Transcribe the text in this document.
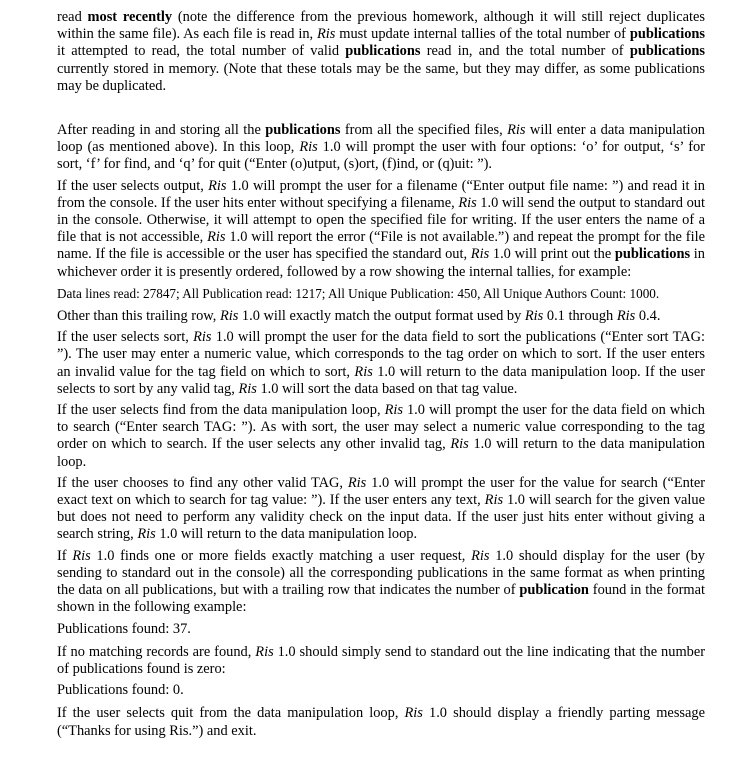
read most recently (note the difference from the previous homework, although it will still reject duplicates within the same file). As each file is read in, Ris must update internal tallies of the total number of publications it attempted to read, the total number of valid publications read in, and the total number of publications currently stored in memory. (Note that these totals may be the same, but they may differ, as some publications may be duplicated.

After reading in and storing all the publications from all the specified files, Ris will enter a data manipulation loop (as mentioned above). In this loop, Ris 1.0 will prompt the user with four options: ‘o’ for output, ‘s’ for sort, ‘f’ for find, and ‘q’ for quit (“Enter (o)utput, (s)ort, (f)ind, or (q)uit: ”).

If the user selects output, Ris 1.0 will prompt the user for a filename (“Enter output file name: ”) and read it in from the console. If the user hits enter without specifying a filename, Ris 1.0 will send the output to standard out in the console. Otherwise, it will attempt to open the specified file for writing. If the user enters the name of a file that is not accessible, Ris 1.0 will report the error (“File is not available.”) and repeat the prompt for the file name. If the file is accessible or the user has specified the standard out, Ris 1.0 will print out the publications in whichever order it is presently ordered, followed by a row showing the internal tallies, for example:

Data lines read: 27847; All Publication read: 1217; All Unique Publication: 450, All Unique Authors Count: 1000.

Other than this trailing row, Ris 1.0 will exactly match the output format used by Ris 0.1 through Ris 0.4.

If the user selects sort, Ris 1.0 will prompt the user for the data field to sort the publications (“Enter sort TAG: ”). The user may enter a numeric value, which corresponds to the tag order on which to sort. If the user enters an invalid value for the tag field on which to sort, Ris 1.0 will return to the data manipulation loop. If the user selects to sort by any valid tag, Ris 1.0 will sort the data based on that tag value.

If the user selects find from the data manipulation loop, Ris 1.0 will prompt the user for the data field on which to search (“Enter search TAG: ”). As with sort, the user may select a numeric value corresponding to the tag order on which to search. If the user selects any other invalid tag, Ris 1.0 will return to the data manipulation loop.

If the user chooses to find any other valid TAG, Ris 1.0 will prompt the user for the value for search (“Enter exact text on which to search for tag value: ”). If the user enters any text, Ris 1.0 will search for the given value but does not need to perform any validity check on the input data. If the user just hits enter without giving a search string, Ris 1.0 will return to the data manipulation loop.

If Ris 1.0 finds one or more fields exactly matching a user request, Ris 1.0 should display for the user (by sending to standard out in the console) all the corresponding publications in the same format as when printing the data on all publications, but with a trailing row that indicates the number of publication found in the format shown in the following example:

Publications found: 37.

If no matching records are found, Ris 1.0 should simply send to standard out the line indicating that the number of publications found is zero:

Publications found: 0.

If the user selects quit from the data manipulation loop, Ris 1.0 should display a friendly parting message (“Thanks for using Ris.”) and exit.
